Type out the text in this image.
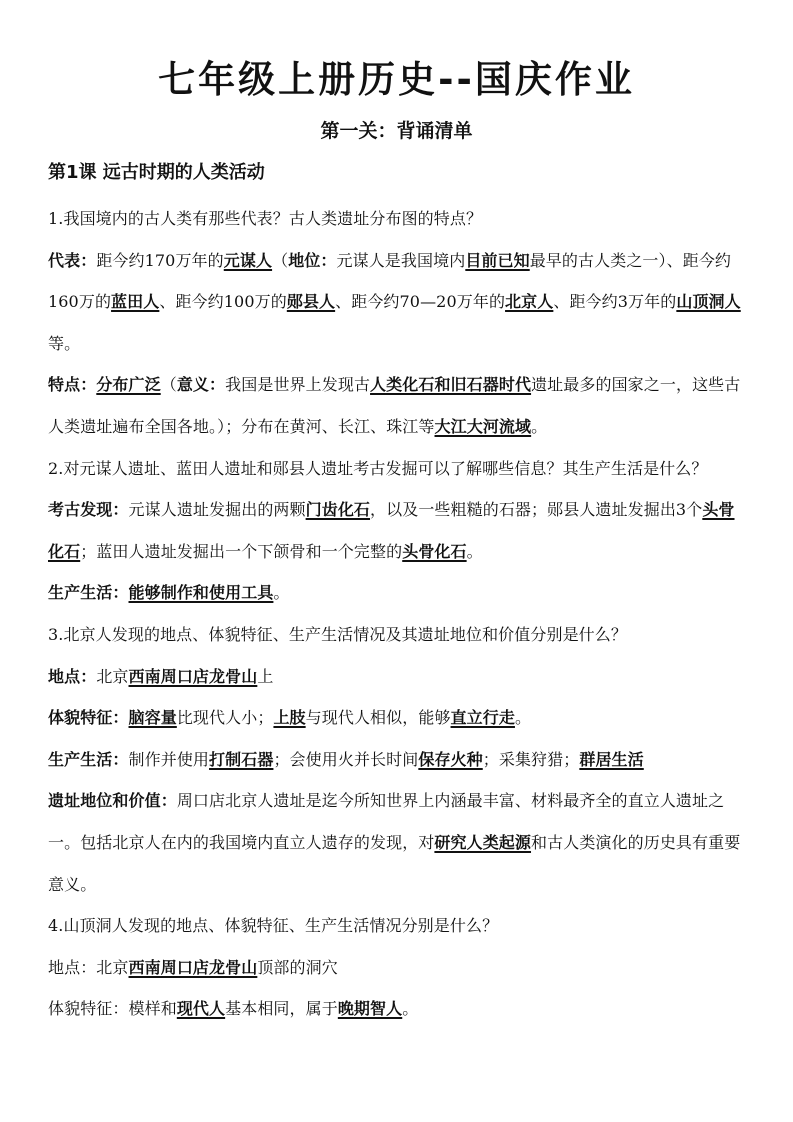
七年级上册历史--国庆作业
第一关：背诵清单
第1课 远古时期的人类活动

1.我国境内的古人类有那些代表？古人类遗址分布图的特点？

代表：距今约170万年的元谋人（地位：元谋人是我国境内目前已知最早的古人类之一）、距今约160万的蓝田人、距今约100万的郧县人、距今约70—20万年的北京人、距今约3万年的山顶洞人等。

特点：分布广泛（意义：我国是世界上发现古人类化石和旧石器时代遗址最多的国家之一，这些古人类遗址遍布全国各地。）；分布在黄河、长江、珠江等大江大河流域。

2.对元谋人遗址、蓝田人遗址和郧县人遗址考古发掘可以了解哪些信息？其生产生活是什么？

考古发现：元谋人遗址发掘出的两颗门齿化石，以及一些粗糙的石器；郧县人遗址发掘出3个头骨化石；蓝田人遗址发掘出一个下颌骨和一个完整的头骨化石。

生产生活：能够制作和使用工具。

3.北京人发现的地点、体貌特征、生产生活情况及其遗址地位和价值分别是什么？

地点：北京西南周口店龙骨山上

体貌特征：脑容量比现代人小；上肢与现代人相似，能够直立行走。

生产生活：制作并使用打制石器；会使用火并长时间保存火种；采集狩猎；群居生活

遗址地位和价值：周口店北京人遗址是迄今所知世界上内涵最丰富、材料最齐全的直立人遗址之一。包括北京人在内的我国境内直立人遗存的发现，对研究人类起源和古人类演化的历史具有重要意义。

4.山顶洞人发现的地点、体貌特征、生产生活情况分别是什么？

地点：北京西南周口店龙骨山顶部的洞穴

体貌特征：模样和现代人基本相同，属于晚期智人。
